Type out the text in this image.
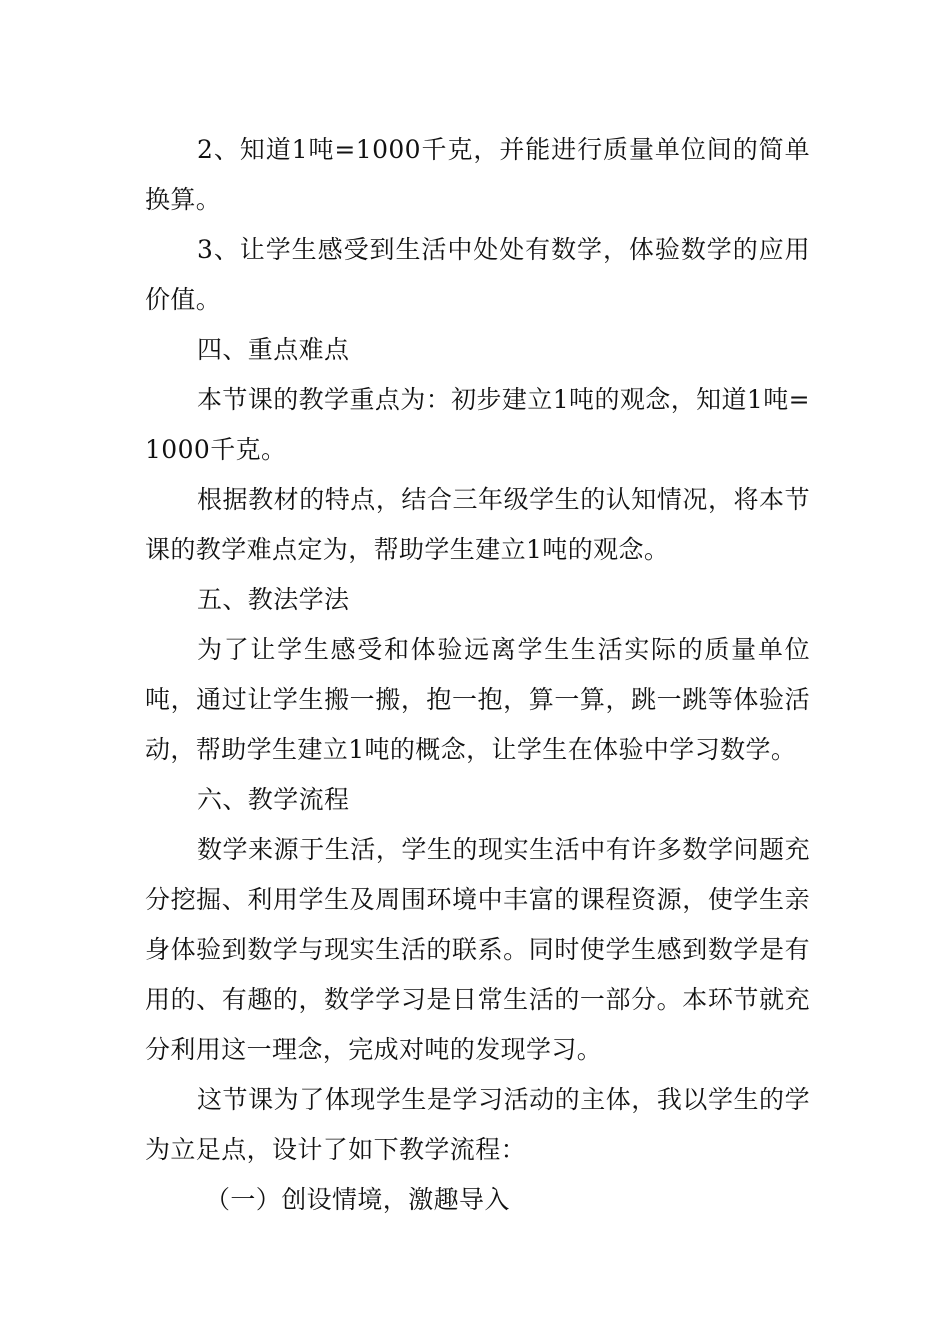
2、知道1吨=1000千克，并能进行质量单位间的简单换算。

3、让学生感受到生活中处处有数学，体验数学的应用价值。

四、重点难点

本节课的教学重点为：初步建立1吨的观念，知道1吨=1000千克。

根据教材的特点，结合三年级学生的认知情况，将本节课的教学难点定为，帮助学生建立1吨的观念。

五、教法学法

为了让学生感受和体验远离学生生活实际的质量单位吨，通过让学生搬一搬，抱一抱，算一算，跳一跳等体验活动，帮助学生建立1吨的概念，让学生在体验中学习数学。

六、教学流程

数学来源于生活，学生的现实生活中有许多数学问题充分挖掘、利用学生及周围环境中丰富的课程资源，使学生亲身体验到数学与现实生活的联系。同时使学生感到数学是有用的、有趣的，数学学习是日常生活的一部分。本环节就充分利用这一理念，完成对吨的发现学习。

这节课为了体现学生是学习活动的主体，我以学生的学为立足点，设计了如下教学流程：

（一）创设情境，激趣导入
